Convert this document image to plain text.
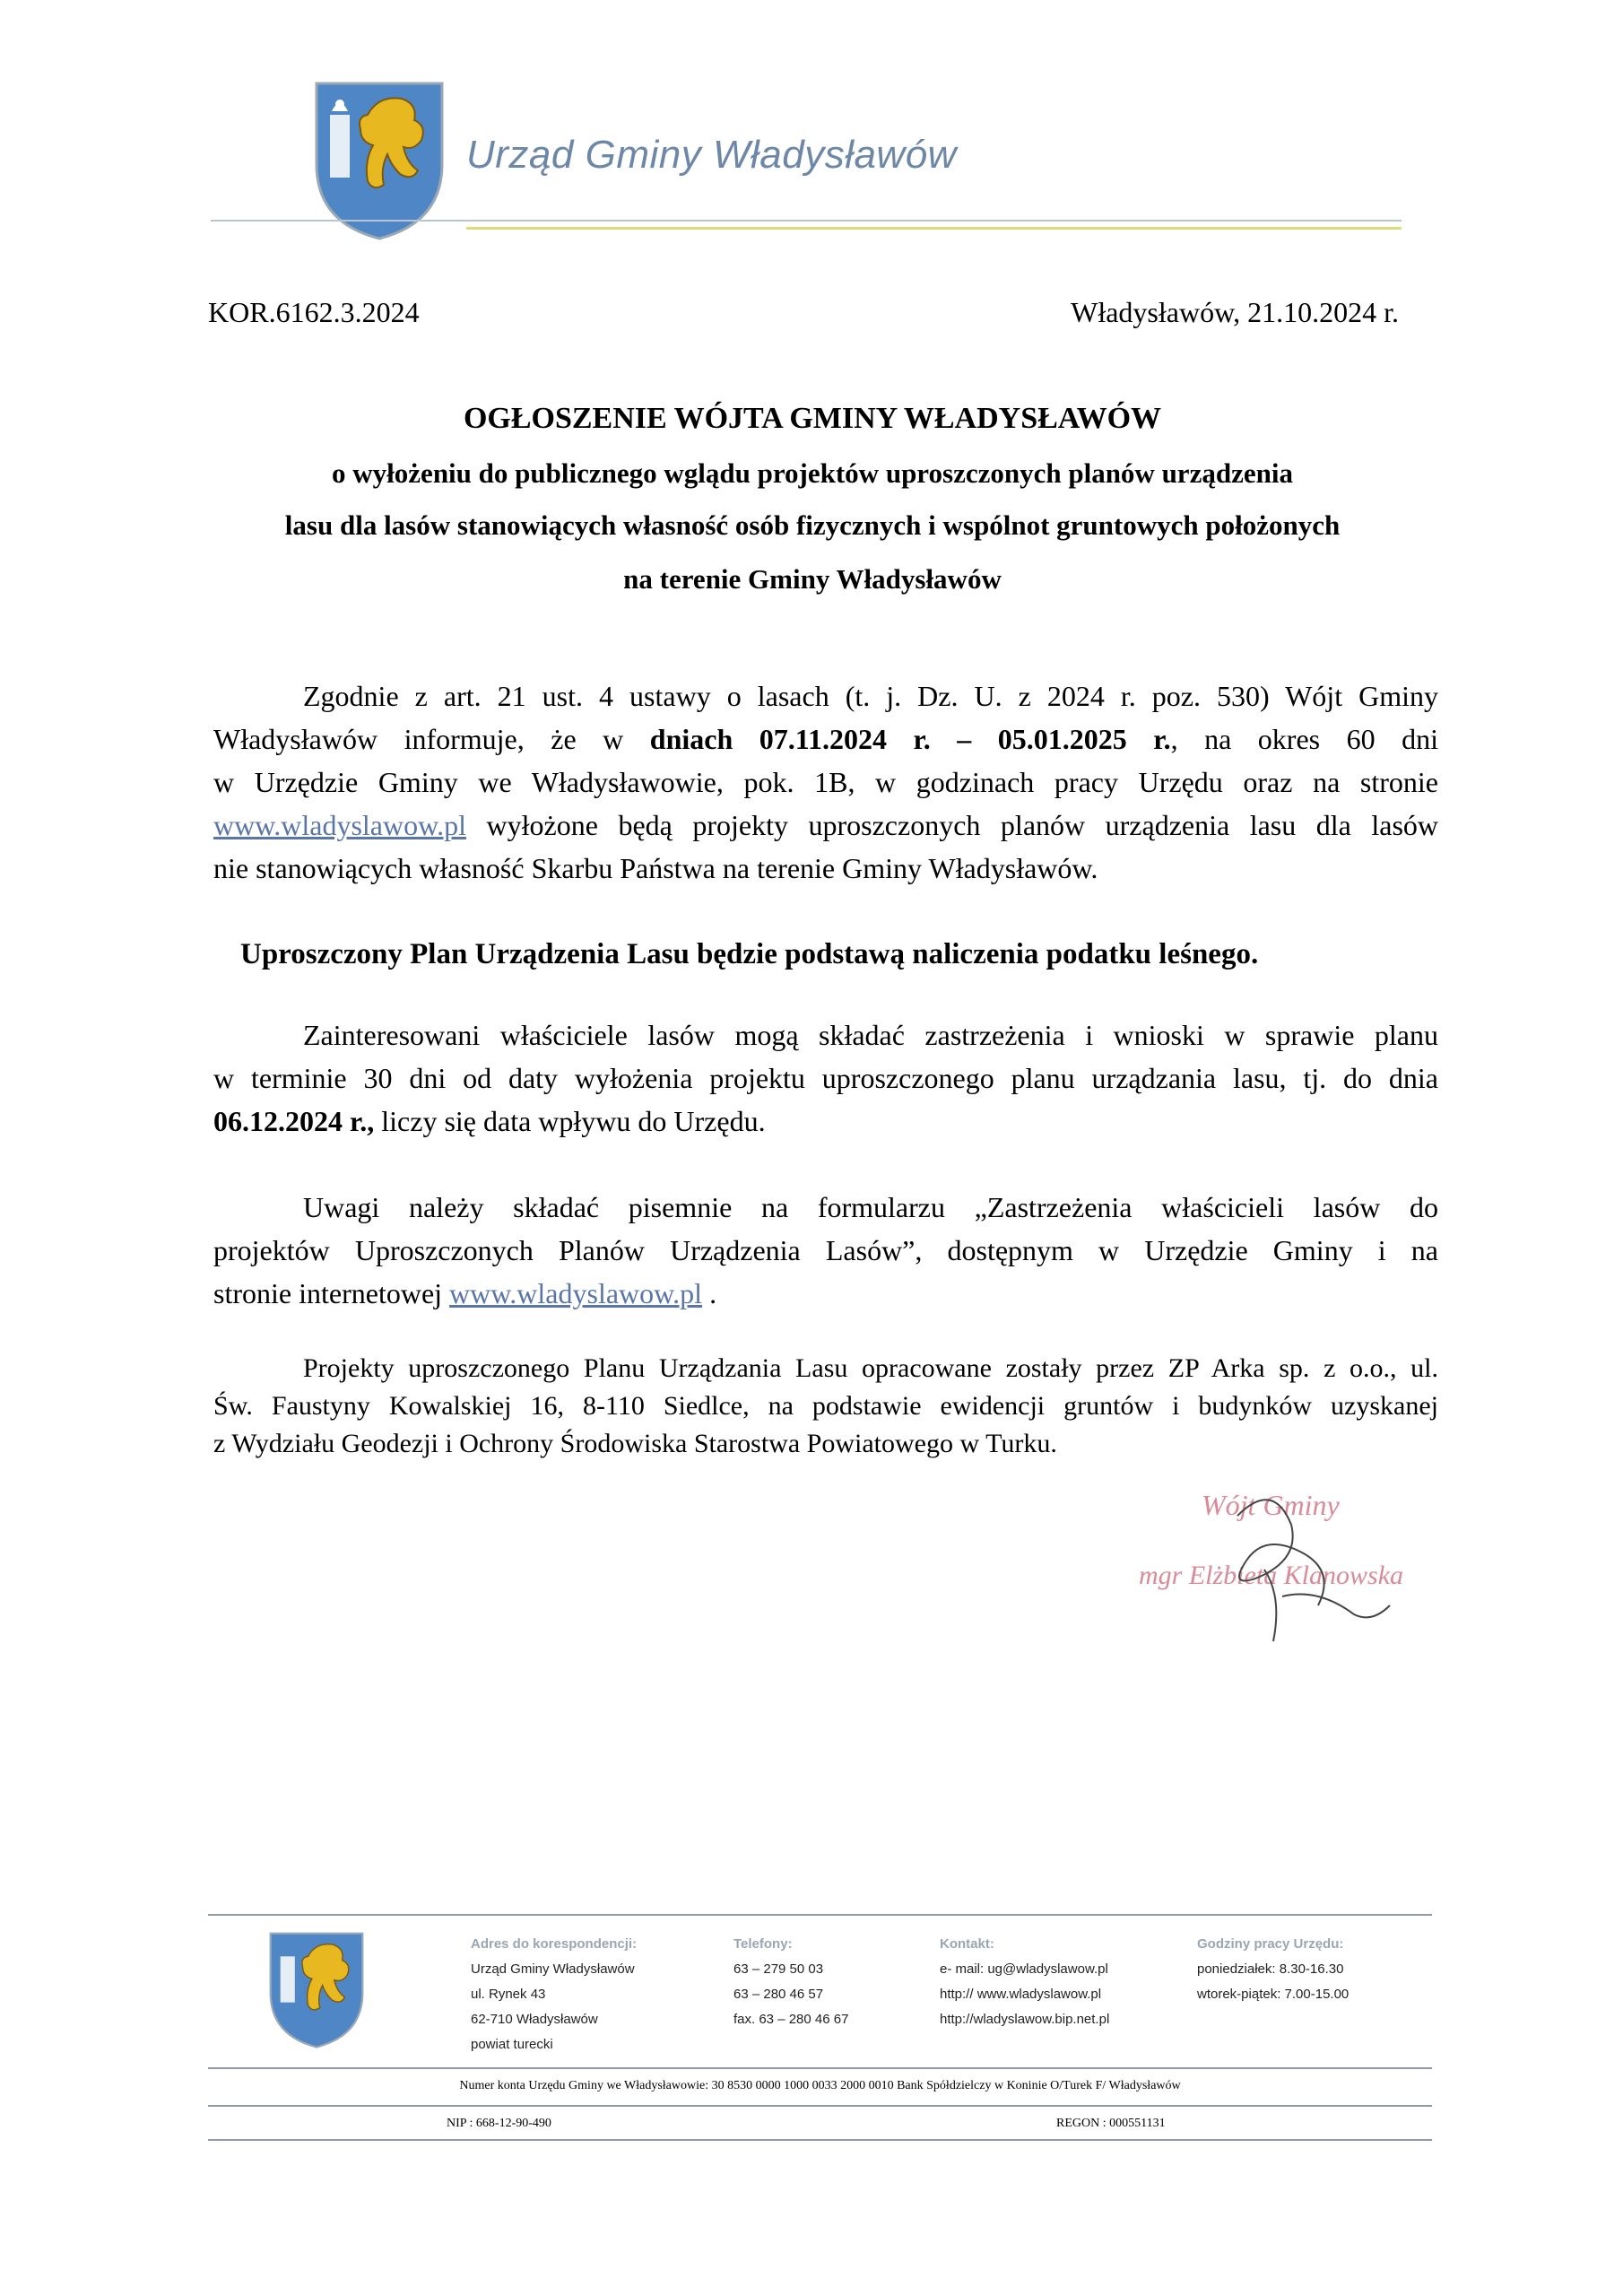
Urząd Gminy Władysławów
KOR.6162.3.2024	Władysławów, 21.10.2024 r.
OGŁOSZENIE WÓJTA GMINY WŁADYSŁAWÓW
o wyłożeniu do publicznego wglądu projektów uproszczonych planów urządzenia
lasu dla lasów stanowiących własność osób fizycznych i wspólnot gruntowych położonych
na terenie Gminy Władysławów
Zgodnie z art. 21 ust. 4 ustawy o lasach (t. j. Dz. U. z 2024 r. poz. 530) Wójt Gminy
Władysławów informuje, że w dniach 07.11.2024 r. – 05.01.2025 r., na okres 60 dni
w Urzędzie Gminy we Władysławowie, pok. 1B, w godzinach pracy Urzędu oraz na stronie
www.wladyslawow.pl wyłożone będą projekty uproszczonych planów urządzenia lasu dla lasów
nie stanowiących własność Skarbu Państwa na terenie Gminy Władysławów.
Uproszczony Plan Urządzenia Lasu będzie podstawą naliczenia podatku leśnego.
Zainteresowani właściciele lasów mogą składać zastrzeżenia i wnioski w sprawie planu
w terminie 30 dni od daty wyłożenia projektu uproszczonego planu urządzania lasu, tj. do dnia
06.12.2024 r., liczy się data wpływu do Urzędu.
Uwagi należy składać pisemnie na formularzu „Zastrzeżenia właścicieli lasów do
projektów Uproszczonych Planów Urządzenia Lasów”, dostępnym w Urzędzie Gminy i na
stronie internetowej www.wladyslawow.pl .
Projekty uproszczonego Planu Urządzania Lasu opracowane zostały przez ZP Arka sp. z o.o., ul.
Św. Faustyny Kowalskiej 16, 8-110 Siedlce, na podstawie ewidencji gruntów i budynków uzyskanej
z Wydziału Geodezji i Ochrony Środowiska Starostwa Powiatowego w Turku.
Wójt Gminy
mgr Elżbieta Klanowska
Adres do korespondencji:
Urząd Gminy Władysławów
ul. Rynek 43
62-710 Władysławów
powiat turecki
Telefony:
63 – 279 50 03
63 – 280 46 57
fax. 63 – 280 46 67
Kontakt:
e- mail: ug@wladyslawow.pl
http:// www.wladyslawow.pl
http://wladyslawow.bip.net.pl
Godziny pracy Urzędu:
poniedziałek: 8.30-16.30
wtorek-piątek: 7.00-15.00
Numer konta Urzędu Gminy we Władysławowie: 30 8530 0000 1000 0033 2000 0010 Bank Spółdzielczy w Koninie O/Turek F/ Władysławów
NIP : 668-12-90-490	REGON : 000551131
